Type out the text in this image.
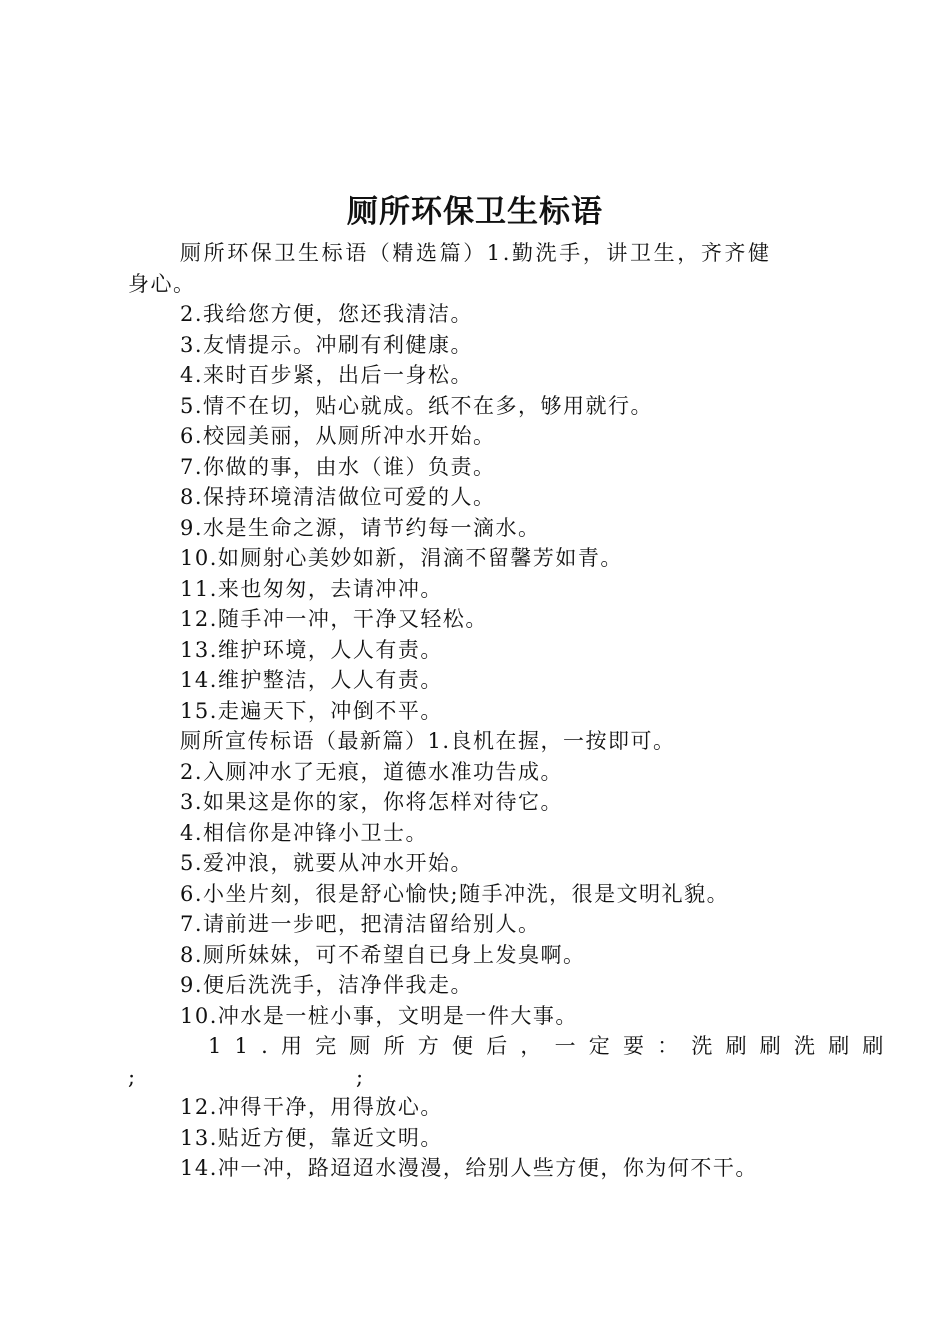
厕所环保卫生标语
厕所环保卫生标语（精选篇）1.勤洗手，讲卫生，齐齐健
身心。
2.我给您方便，您还我清洁。
3.友情提示。冲刷有利健康。
4.来时百步紧，出后一身松。
5.情不在切，贴心就成。纸不在多，够用就行。
6.校园美丽，从厕所冲水开始。
7.你做的事，由水（谁）负责。
8.保持环境清洁做位可爱的人。
9.水是生命之源，请节约每一滴水。
10.如厕射心美妙如新，涓滴不留馨芳如青。
11.来也匆匆，去请冲冲。
12.随手冲一冲，干净又轻松。
13.维护环境，人人有责。
14.维护整洁，人人有责。
15.走遍天下，冲倒不平。
厕所宣传标语（最新篇）1.良机在握，一按即可。
2.入厕冲水了无痕，道德水准功告成。
3.如果这是你的家，你将怎样对待它。
4.相信你是冲锋小卫士。
5.爱冲浪，就要从冲水开始。
6.小坐片刻，很是舒心愉快;随手冲洗，很是文明礼貌。
7.请前进一步吧，把清洁留给别人。
8.厕所妹妹，可不希望自已身上发臭啊。
9.便后洗洗手，洁净伴我走。
10.冲水是一桩小事，文明是一件大事。
11.用完厕所方便后，一定要：洗刷刷洗刷刷
;	;
12.冲得干净，用得放心。
13.贴近方便，靠近文明。
14.冲一冲，路迢迢水漫漫，给别人些方便，你为何不干。
